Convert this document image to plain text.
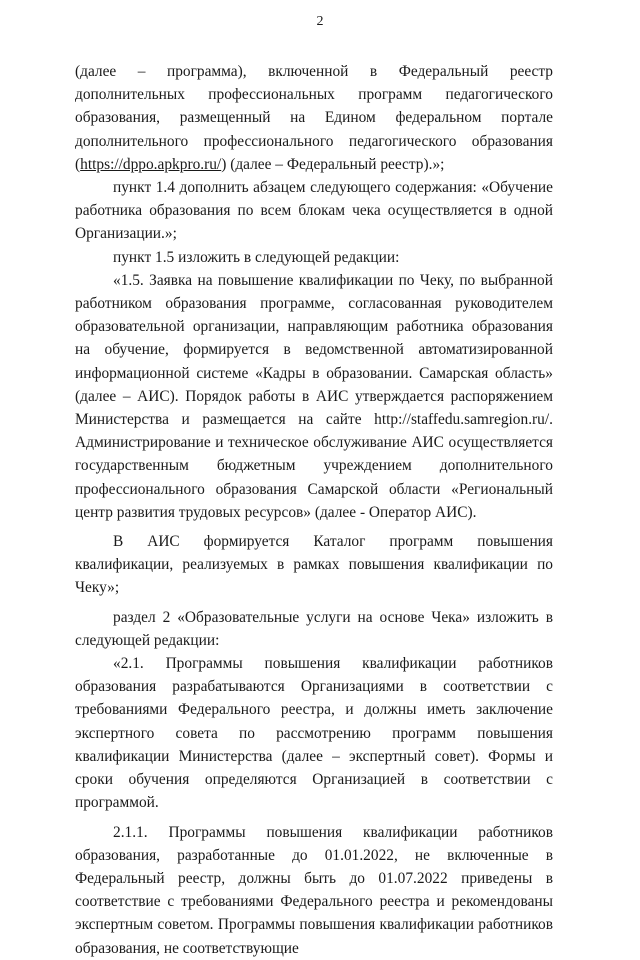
2

(далее – программа), включенной в Федеральный реестр дополнительных профессиональных программ педагогического образования, размещенный на Едином федеральном портале дополнительного профессионального педагогического образования (https://dppo.apkpro.ru/) (далее – Федеральный реестр).»;

пункт 1.4 дополнить абзацем следующего содержания: «Обучение работника образования по всем блокам чека осуществляется в одной Организации.»;

пункт 1.5 изложить в следующей редакции:

«1.5. Заявка на повышение квалификации по Чеку, по выбранной работником образования программе, согласованная руководителем образовательной организации, направляющим работника образования на обучение, формируется в ведомственной автоматизированной информационной системе «Кадры в образовании. Самарская область» (далее – АИС). Порядок работы в АИС утверждается распоряжением Министерства и размещается на сайте http://staffedu.samregion.ru/. Администрирование и техническое обслуживание АИС осуществляется государственным бюджетным учреждением дополнительного профессионального образования Самарской области «Региональный центр развития трудовых ресурсов» (далее - Оператор АИС).

В АИС формируется Каталог программ повышения квалификации, реализуемых в рамках повышения квалификации по Чеку»;

раздел 2 «Образовательные услуги на основе Чека» изложить в следующей редакции:

«2.1. Программы повышения квалификации работников образования разрабатываются Организациями в соответствии с требованиями Федерального реестра, и должны иметь заключение экспертного совета по рассмотрению программ повышения квалификации Министерства (далее – экспертный совет). Формы и сроки обучения определяются Организацией в соответствии с программой.

2.1.1. Программы повышения квалификации работников образования, разработанные до 01.01.2022, не включенные в Федеральный реестр, должны быть до 01.07.2022 приведены в соответствие с требованиями Федерального реестра и рекомендованы экспертным советом. Программы повышения квалификации работников образования, не соответствующие
